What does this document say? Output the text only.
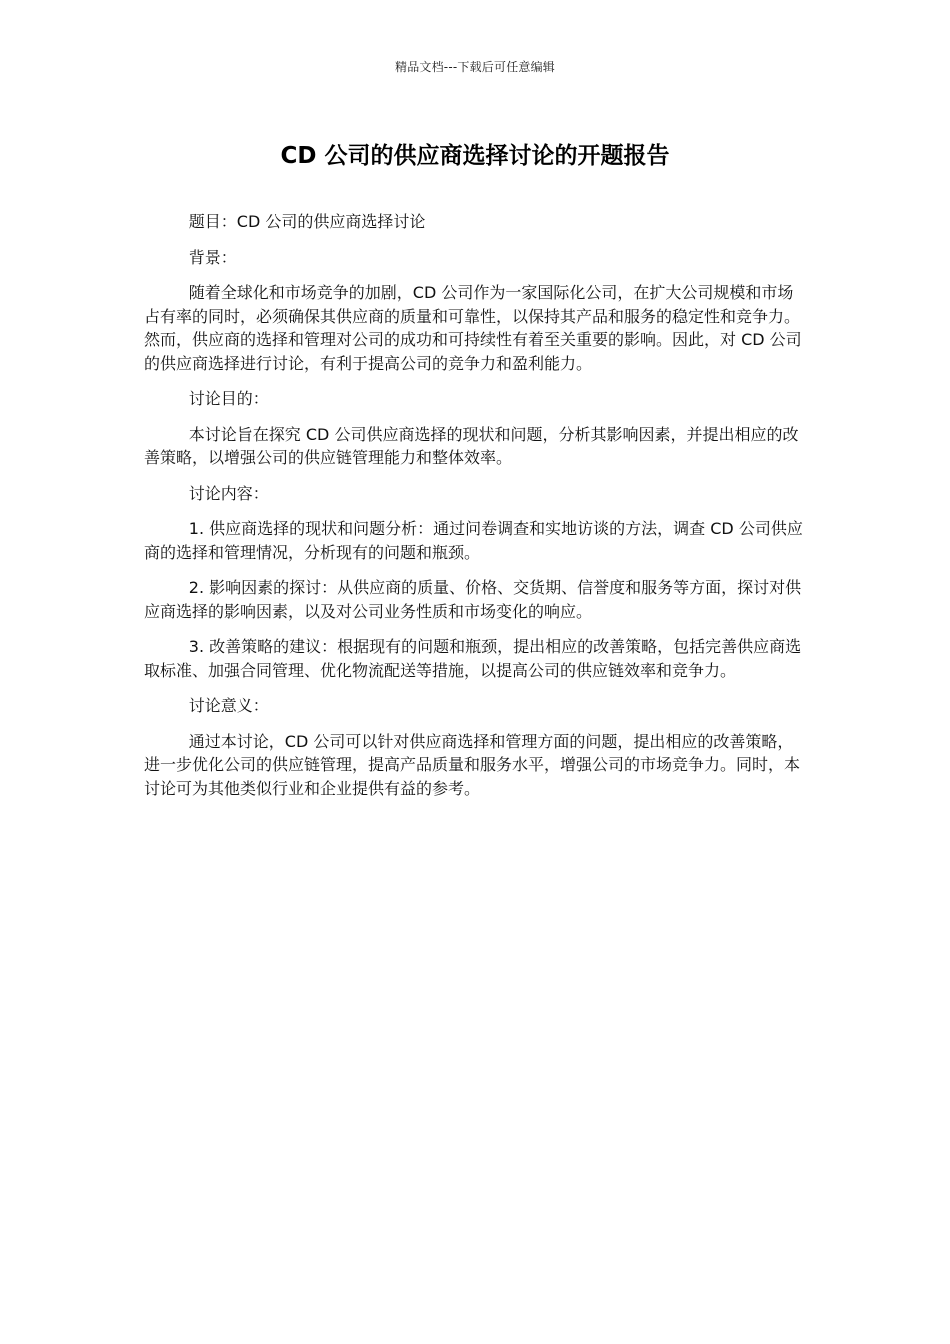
精品文档---下载后可任意编辑
CD 公司的供应商选择讨论的开题报告

题目：CD 公司的供应商选择讨论

背景：

随着全球化和市场竞争的加剧，CD 公司作为一家国际化公司，在扩大公司规模和市场占有率的同时，必须确保其供应商的质量和可靠性，以保持其产品和服务的稳定性和竞争力。然而，供应商的选择和管理对公司的成功和可持续性有着至关重要的影响。因此，对 CD 公司的供应商选择进行讨论，有利于提高公司的竞争力和盈利能力。

讨论目的：

本讨论旨在探究 CD 公司供应商选择的现状和问题，分析其影响因素，并提出相应的改善策略，以增强公司的供应链管理能力和整体效率。

讨论内容：

1. 供应商选择的现状和问题分析：通过问卷调查和实地访谈的方法，调查 CD 公司供应商的选择和管理情况，分析现有的问题和瓶颈。

2. 影响因素的探讨：从供应商的质量、价格、交货期、信誉度和服务等方面，探讨对供应商选择的影响因素，以及对公司业务性质和市场变化的响应。

3. 改善策略的建议：根据现有的问题和瓶颈，提出相应的改善策略，包括完善供应商选取标准、加强合同管理、优化物流配送等措施，以提高公司的供应链效率和竞争力。

讨论意义：

通过本讨论，CD 公司可以针对供应商选择和管理方面的问题，提出相应的改善策略，进一步优化公司的供应链管理，提高产品质量和服务水平，增强公司的市场竞争力。同时，本讨论可为其他类似行业和企业提供有益的参考。
